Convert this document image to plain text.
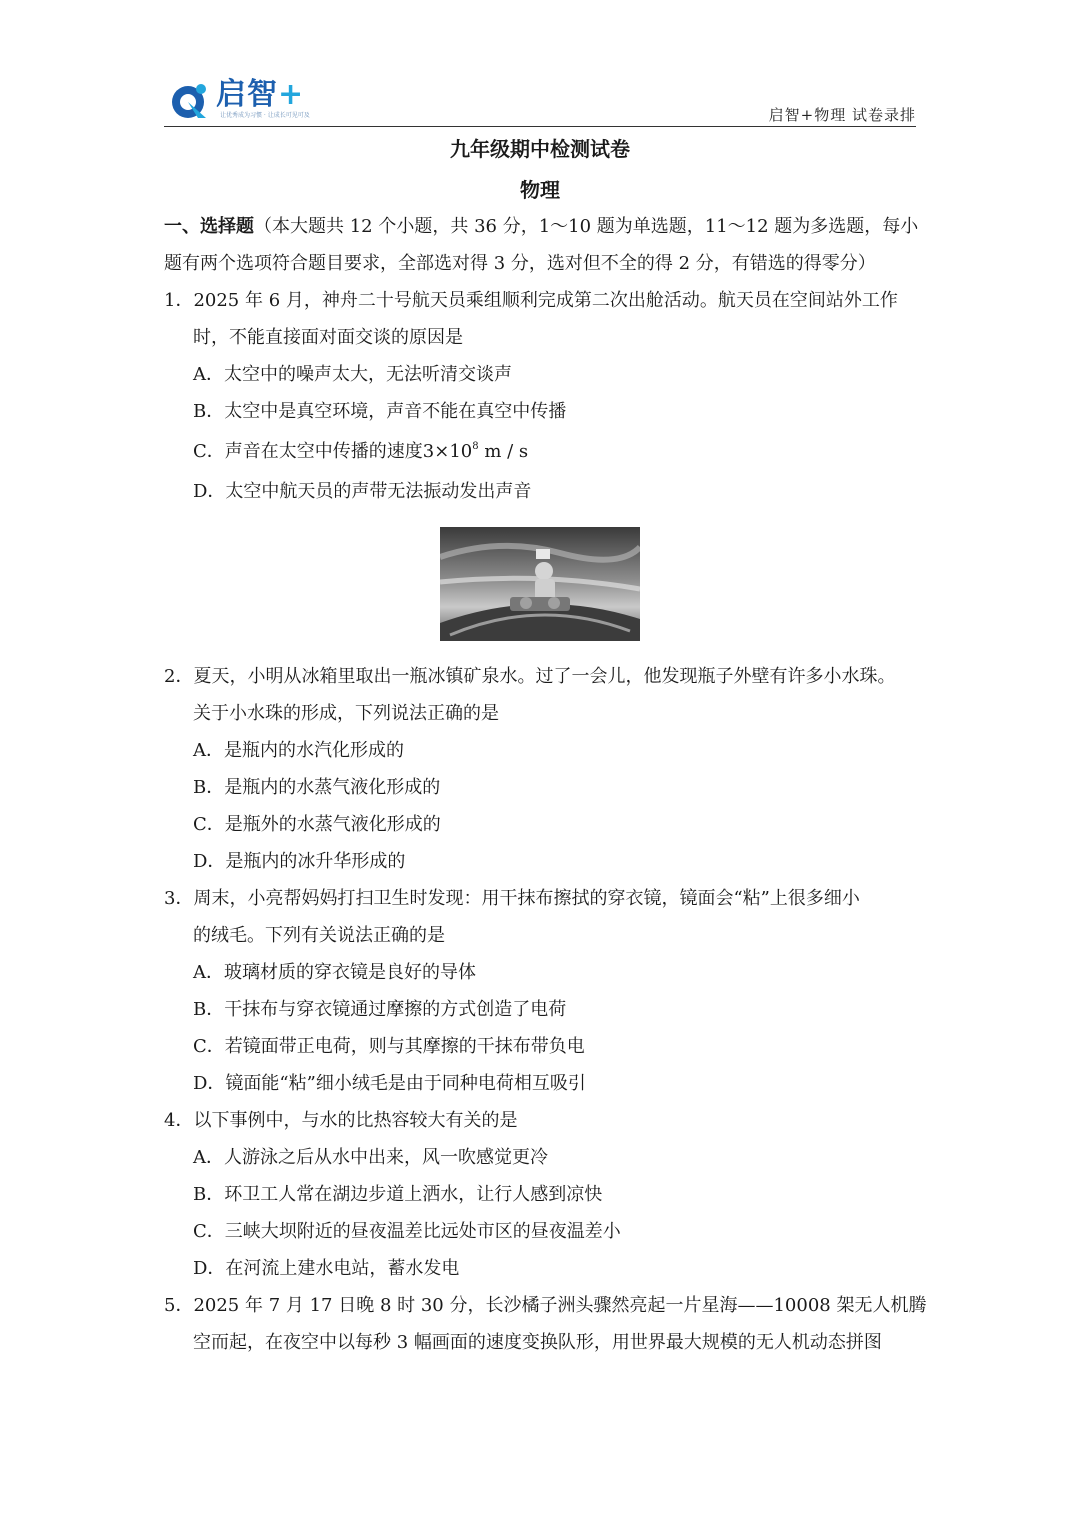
启智+
让优秀成为习惯 · 让成长可见可及	启智+物理 试卷录排
九年级期中检测试卷
物理
一、选择题（本大题共 12 个小题，共 36 分，1～10 题为单选题，11～12 题为多选题，每小
题有两个选项符合题目要求，全部选对得 3 分，选对但不全的得 2 分，有错选的得零分）
1．2025 年 6 月，神舟二十号航天员乘组顺利完成第二次出舱活动。航天员在空间站外工作
时，不能直接面对面交谈的原因是
A．太空中的噪声太大，无法听清交谈声
B．太空中是真空环境，声音不能在真空中传播
C．声音在太空中传播的速度$3\times 10^8$ m / s
D．太空中航天员的声带无法振动发出声音
2．夏天，小明从冰箱里取出一瓶冰镇矿泉水。过了一会儿，他发现瓶子外壁有许多小水珠。
关于小水珠的形成，下列说法正确的是
A．是瓶内的水汽化形成的
B．是瓶内的水蒸气液化形成的
C．是瓶外的水蒸气液化形成的
D．是瓶内的冰升华形成的
3．周末，小亮帮妈妈打扫卫生时发现：用干抹布擦拭的穿衣镜，镜面会“粘”上很多细小
的绒毛。下列有关说法正确的是
A．玻璃材质的穿衣镜是良好的导体
B．干抹布与穿衣镜通过摩擦的方式创造了电荷
C．若镜面带正电荷，则与其摩擦的干抹布带负电
D．镜面能“粘”细小绒毛是由于同种电荷相互吸引
4．以下事例中，与水的比热容较大有关的是
A．人游泳之后从水中出来，风一吹感觉更冷
B．环卫工人常在湖边步道上洒水，让行人感到凉快
C．三峡大坝附近的昼夜温差比远处市区的昼夜温差小
D．在河流上建水电站，蓄水发电
5．2025 年 7 月 17 日晚 8 时 30 分，长沙橘子洲头骤然亮起一片星海——10008 架无人机腾
空而起，在夜空中以每秒 3 幅画面的速度变换队形，用世界最大规模的无人机动态拼图
